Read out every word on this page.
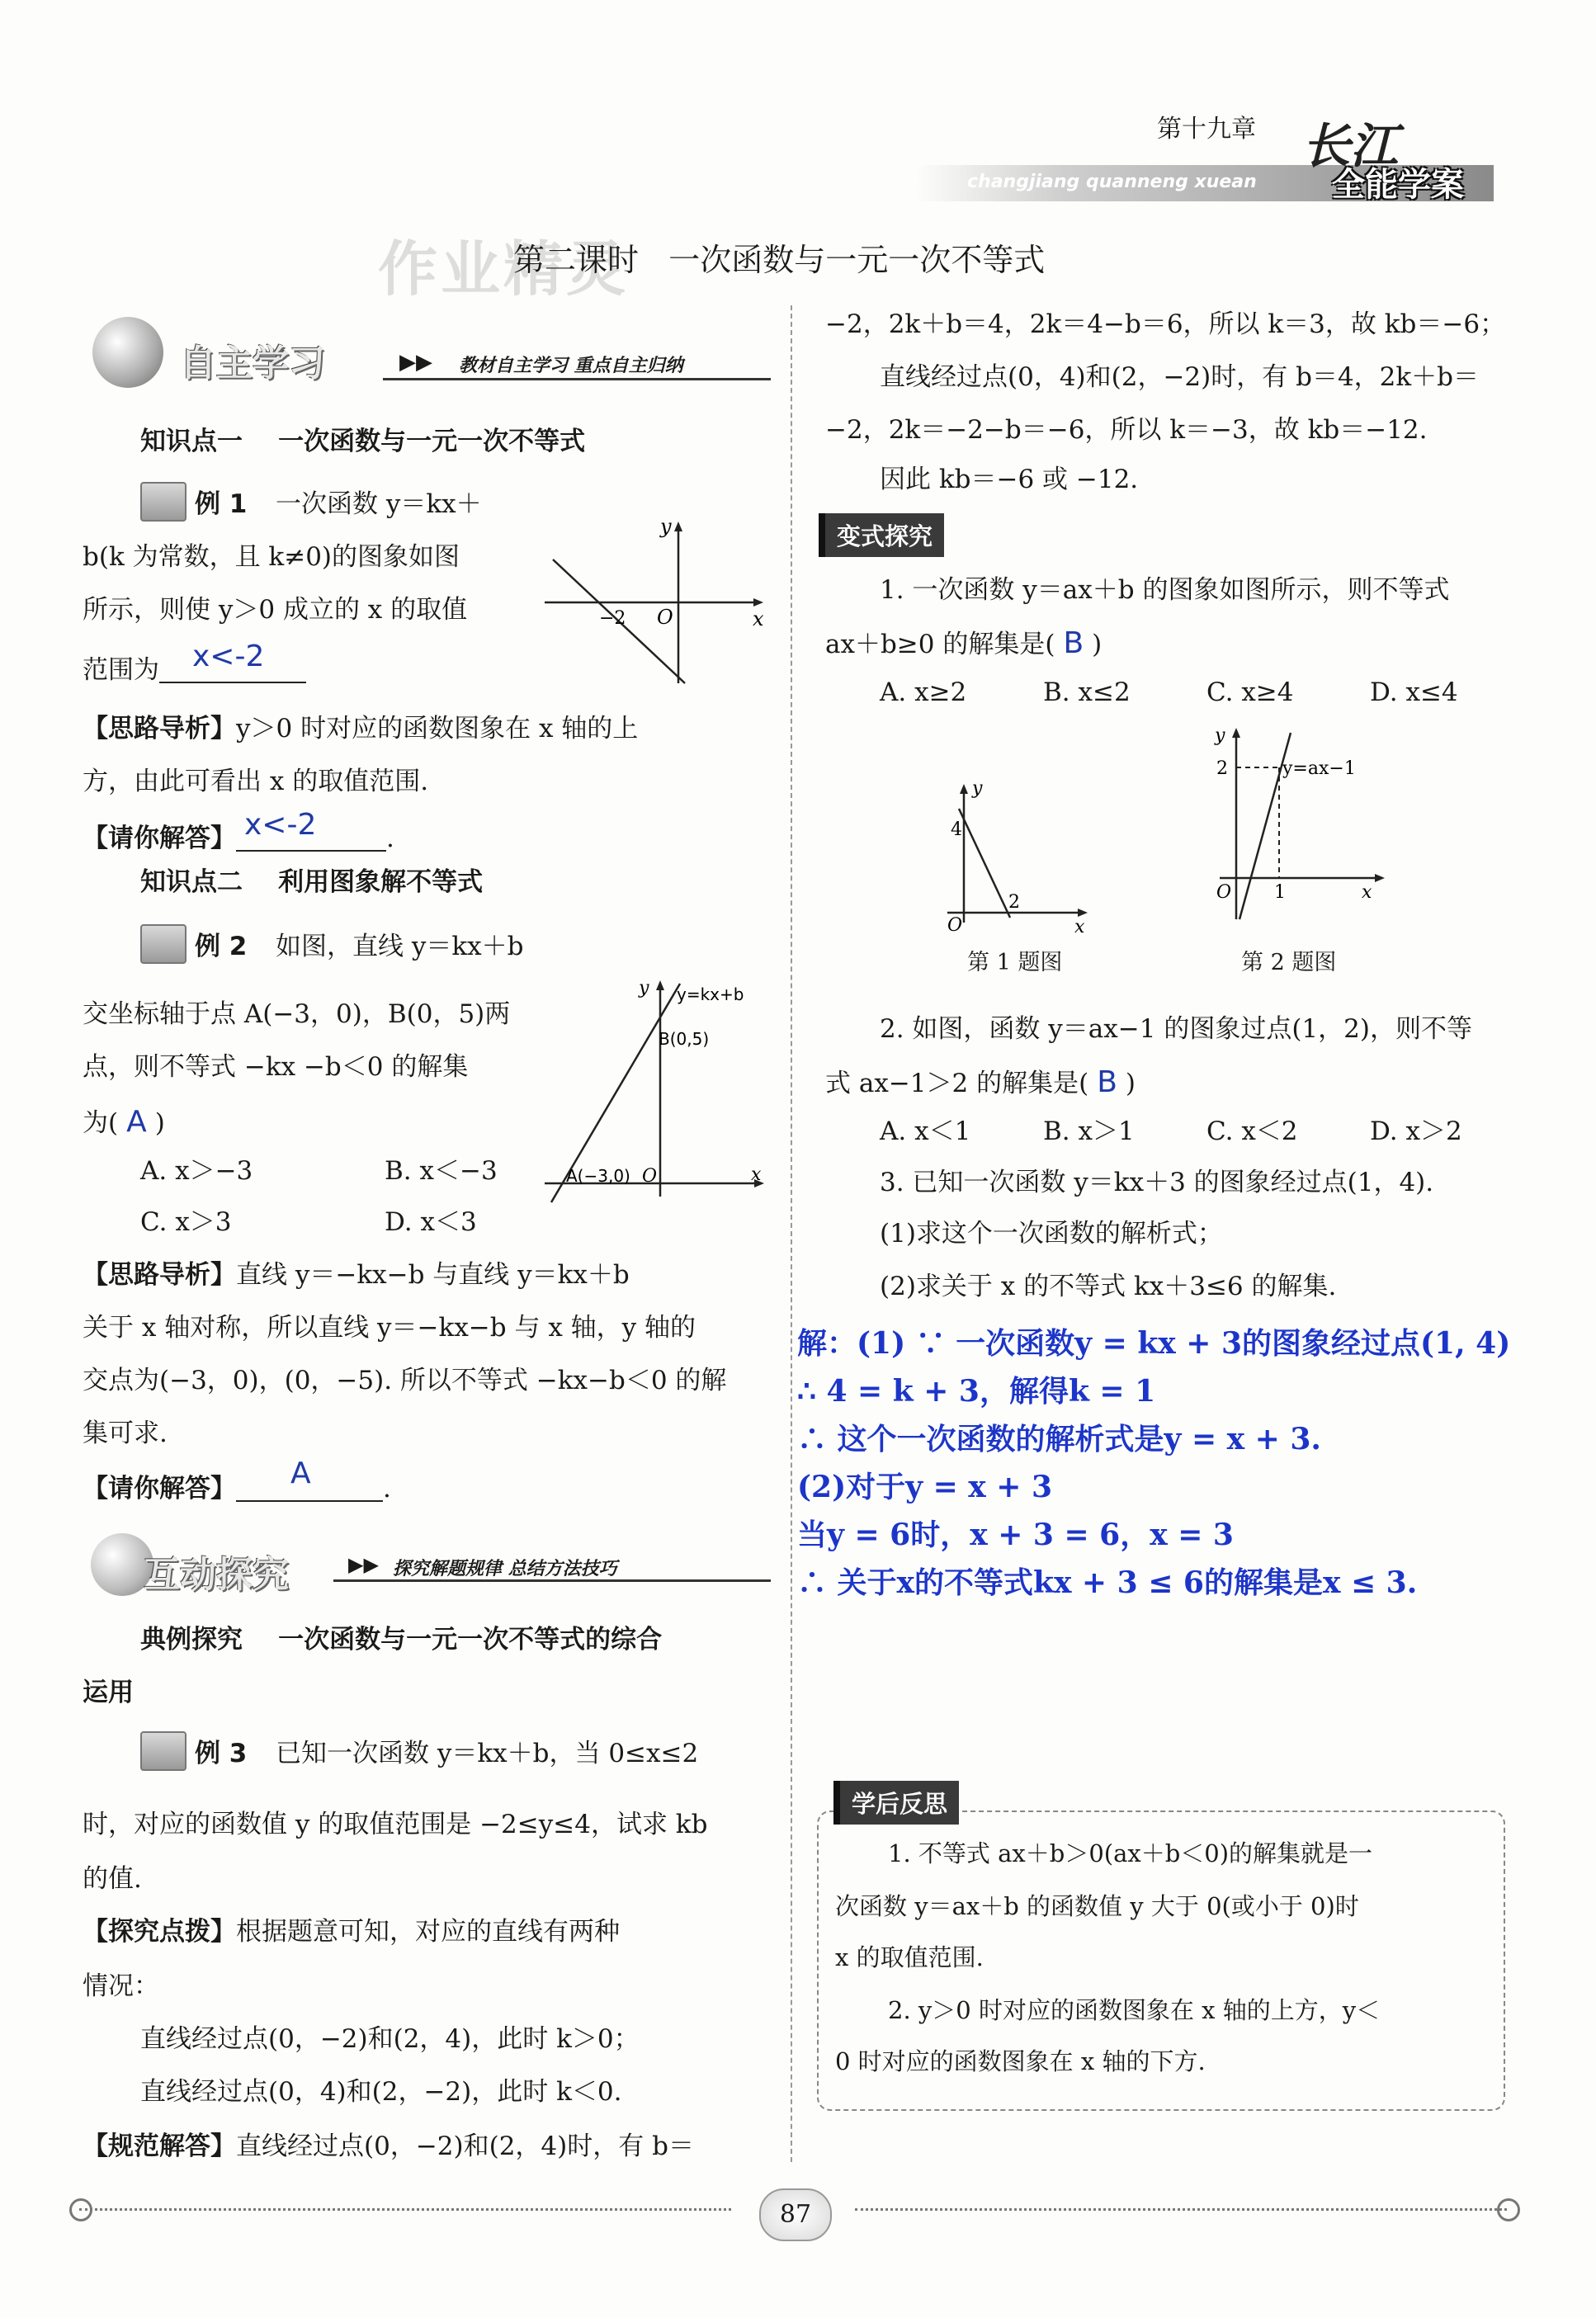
第十九章
changjiang quanneng xuean
长江
全能学案
作业精灵
第二课时   一次函数与一元一次不等式
自主学习	▶▶ 教材自主学习 重点自主归纳
知识点一    一次函数与一元一次不等式
例 1 一次函数 y＝kx＋
b(k 为常数，且 k≠0)的图象如图
所示，则使 y＞0 成立的 x 的取值
范围为 x<-2
y
x
O
−2
【思路导析】y＞0 时对应的函数图象在 x 轴的上
方，由此可看出 x 的取值范围.
【请你解答】 x<-2	.
知识点二    利用图象解不等式
例 2 如图，直线 y＝kx＋b
交坐标轴于点 A(−3，0)，B(0，5)两
点，则不等式 −kx −b＜0 的解集
为( A )
A. x＞−3	B. x＜−3
C. x＞3	D. x＜3
y y=kx+b
B(0,5)
A(−3,0) O	x
【思路导析】直线 y＝−kx−b 与直线 y＝kx＋b
关于 x 轴对称，所以直线 y＝−kx−b 与 x 轴，y 轴的
交点为(−3，0)，(0，−5). 所以不等式 −kx−b＜0 的解
集可求.
【请你解答】 A	.
互动探究	▶▶ 探究解题规律 总结方法技巧
典例探究    一次函数与一元一次不等式的综合
运用
例 3 已知一次函数 y＝kx＋b，当 0≤x≤2
时，对应的函数值 y 的取值范围是 −2≤y≤4，试求 kb
的值.
【探究点拨】根据题意可知，对应的直线有两种
情况：
直线经过点(0，−2)和(2，4)，此时 k＞0；
直线经过点(0，4)和(2，−2)，此时 k＜0.
【规范解答】直线经过点(0，−2)和(2，4)时，有 b＝
−2，2k＋b＝4，2k＝4−b＝6，所以 k＝3，故 kb＝−6；
直线经过点(0，4)和(2，−2)时，有 b＝4，2k＋b＝
−2，2k＝−2−b＝−6，所以 k＝−3，故 kb＝−12.
因此 kb＝−6 或 −12.
变式探究
1. 一次函数 y＝ax＋b 的图象如图所示，则不等式
ax＋b≥0 的解集是( B )
A. x≥2	B. x≤2	C. x≥4	D. x≤4
y
4
2
O	x
第 1 题图
y
y=ax−1
2
1
O	x
第 2 题图
2. 如图，函数 y＝ax−1 的图象过点(1，2)，则不等
式 ax−1＞2 的解集是( B )
A. x＜1	B. x＞1	C. x＜2	D. x＞2
3. 已知一次函数 y＝kx＋3 的图象经过点(1，4).
(1)求这个一次函数的解析式；
(2)求关于 x 的不等式 kx＋3≤6 的解集.
解：(1) ∵ 一次函数y = kx + 3的图象经过点(1, 4)
∴ 4 = k + 3，解得k = 1
∴ 这个一次函数的解析式是y = x + 3.
(2)对于y = x + 3
当y = 6时，x + 3 = 6，x = 3
∴ 关于x的不等式kx + 3 ≤ 6的解集是x ≤ 3.
学后反思
1. 不等式 ax＋b＞0(ax＋b＜0)的解集就是一
次函数 y＝ax＋b 的函数值 y 大于 0(或小于 0)时
x 的取值范围.
2. y＞0 时对应的函数图象在 x 轴的上方，y＜
0 时对应的函数图象在 x 轴的下方.
87
